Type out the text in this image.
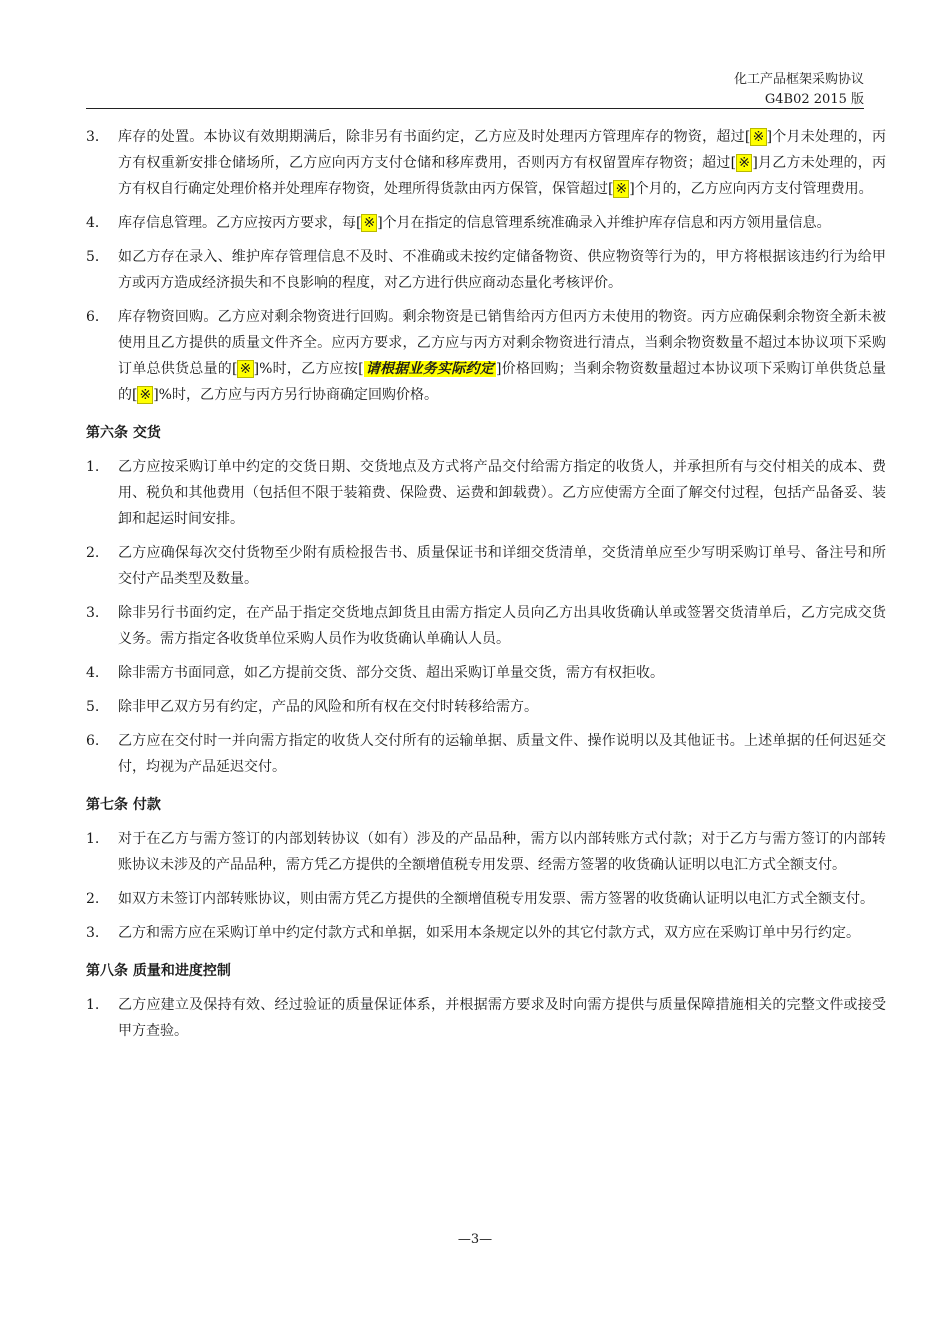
化工产品框架采购协议
G4B02 2015 版
3． 库存的处置。本协议有效期期满后，除非另有书面约定，乙方应及时处理丙方管理库存的物资，超过[ ※ ]个月未处理的，丙方有权重新安排仓储场所，乙方应向丙方支付仓储和移库费用，否则丙方有权留置库存物资；超过[ ※ ]月乙方未处理的，丙方有权自行确定处理价格并处理库存物资，处理所得货款由丙方保管，保管超过[ ※ ]个月的，乙方应向丙方支付管理费用。
4． 库存信息管理。乙方应按丙方要求，每[ ※ ]个月在指定的信息管理系统准确录入并维护库存信息和丙方领用量信息。
5． 如乙方存在录入、维护库存管理信息不及时、不准确或未按约定储备物资、供应物资等行为的，甲方将根据该违约行为给甲方或丙方造成经济损失和不良影响的程度，对乙方进行供应商动态量化考核评价。
6． 库存物资回购。乙方应对剩余物资进行回购。剩余物资是已销售给丙方但丙方未使用的物资。丙方应确保剩余物资全新未被使用且乙方提供的质量文件齐全。应丙方要求，乙方应与丙方对剩余物资进行清点，当剩余物资数量不超过本协议项下采购订单总供货总量的[ ※ ]%时，乙方应按[ 请根据业务实际约定 ]价格回购；当剩余物资数量超过本协议项下采购订单供货总量的[ ※ ]%时，乙方应与丙方另行协商确定回购价格。
第六条 交货
1. 乙方应按采购订单中约定的交货日期、交货地点及方式将产品交付给需方指定的收货人，并承担所有与交付相关的成本、费用、税负和其他费用（包括但不限于装箱费、保险费、运费和卸载费）。乙方应使需方全面了解交付过程，包括产品备妥、装卸和起运时间安排。
2. 乙方应确保每次交付货物至少附有质检报告书、质量保证书和详细交货清单，交货清单应至少写明采购订单号、备注号和所交付产品类型及数量。
3. 除非另行书面约定，在产品于指定交货地点卸货且由需方指定人员向乙方出具收货确认单或签署交货清单后，乙方完成交货义务。需方指定各收货单位采购人员作为收货确认单确认人员。
4. 除非需方书面同意，如乙方提前交货、部分交货、超出采购订单量交货，需方有权拒收。
5. 除非甲乙双方另有约定，产品的风险和所有权在交付时转移给需方。
6. 乙方应在交付时一并向需方指定的收货人交付所有的运输单据、质量文件、操作说明以及其他证书。上述单据的任何迟延交付，均视为产品延迟交付。
第七条 付款
1. 对于在乙方与需方签订的内部划转协议（如有）涉及的产品品种，需方以内部转账方式付款；对于乙方与需方签订的内部转账协议未涉及的产品品种，需方凭乙方提供的全额增值税专用发票、经需方签署的收货确认证明以电汇方式全额支付。
2. 如双方未签订内部转账协议，则由需方凭乙方提供的全额增值税专用发票、需方签署的收货确认证明以电汇方式全额支付。
3. 乙方和需方应在采购订单中约定付款方式和单据，如采用本条规定以外的其它付款方式，双方应在采购订单中另行约定。
第八条 质量和进度控制
1. 乙方应建立及保持有效、经过验证的质量保证体系，并根据需方要求及时向需方提供与质量保障措施相关的完整文件或接受甲方查验。
—3—
